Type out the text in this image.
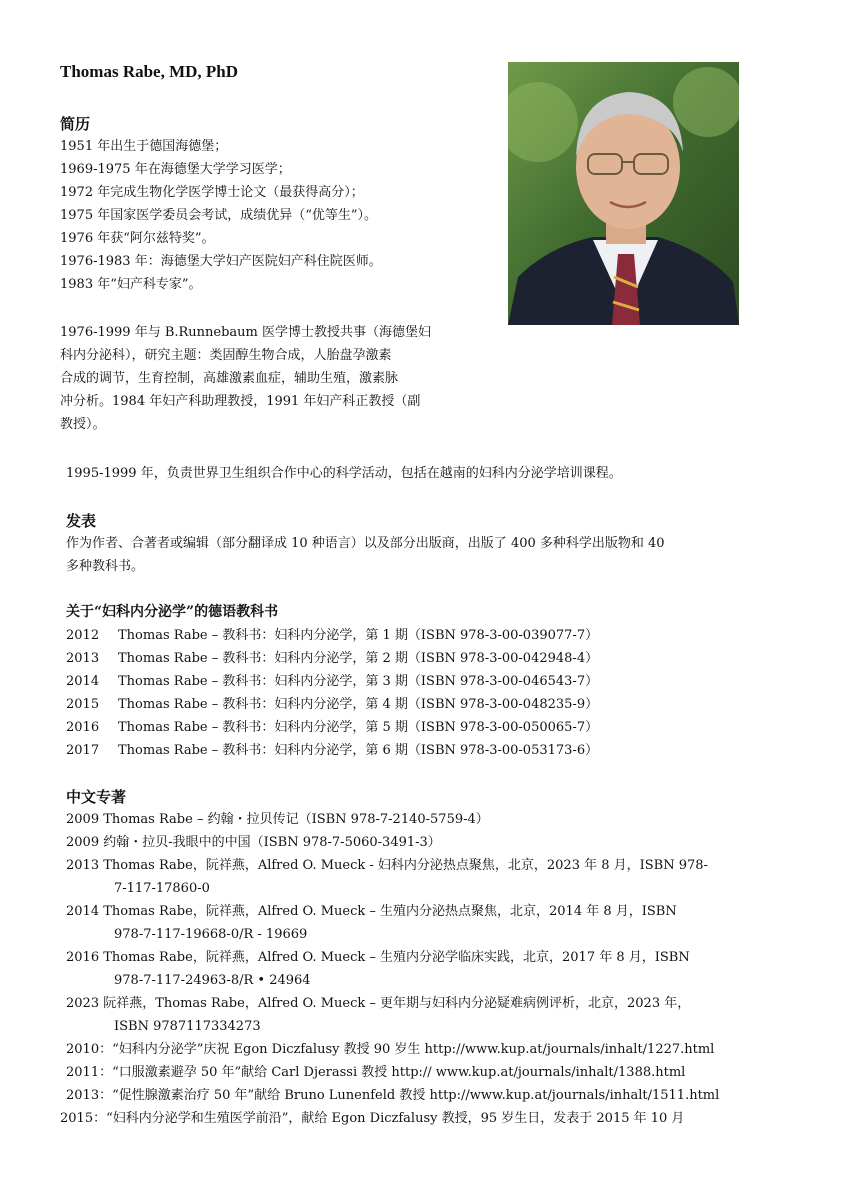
Thomas Rabe, MD, PhD
简历
1951 年出生于德国海德堡；
1969-1975 年在海德堡大学学习医学；
1972 年完成生物化学医学博士论文（最获得高分）；
1975 年国家医学委员会考试，成绩优异（“优等生”）。
1976 年获“阿尔兹特奖”。
1976-1983 年：海德堡大学妇产医院妇产科住院医师。
1983 年“妇产科专家”。
1976-1999 年与 B.Runnebaum 医学博士教授共事（海德堡妇
科内分泌科），研究主题：类固醇生物合成，人胎盘孕激素
合成的调节，生育控制，高雄激素血症，辅助生殖，激素脉
冲分析。1984 年妇产科助理教授，1991 年妇产科正教授（副
教授）。
1995-1999 年，负责世界卫生组织合作中心的科学活动，包括在越南的妇科内分泌学培训课程。
发表
作为作者、合著者或编辑（部分翻译成 10 种语言）以及部分出版商，出版了 400 多种科学出版物和 40
多种教科书。
关于“妇科内分泌学”的德语教科书
2012 Thomas Rabe – 教科书：妇科内分泌学，第 1 期（ISBN 978-3-00-039077-7）
2013 Thomas Rabe – 教科书：妇科内分泌学，第 2 期（ISBN 978-3-00-042948-4）
2014 Thomas Rabe – 教科书：妇科内分泌学，第 3 期（ISBN 978-3-00-046543-7）
2015 Thomas Rabe – 教科书：妇科内分泌学，第 4 期（ISBN 978-3-00-048235-9）
2016 Thomas Rabe – 教科书：妇科内分泌学，第 5 期（ISBN 978-3-00-050065-7）
2017 Thomas Rabe – 教科书：妇科内分泌学，第 6 期（ISBN 978-3-00-053173-6）
中文专著
2009 Thomas Rabe – 约翰・拉贝传记（ISBN 978-7-2140-5759-4）
2009 约翰・拉贝-我眼中的中国（ISBN 978-7-5060-3491-3）
2013 Thomas Rabe，阮祥燕，Alfred O. Mueck - 妇科内分泌热点聚焦，北京，2023 年 8 月，ISBN 978-
7-117-17860-0
2014 Thomas Rabe，阮祥燕，Alfred O. Mueck – 生殖内分泌热点聚焦，北京，2014 年 8 月，ISBN
978-7-117-19668-0/R - 19669
2016 Thomas Rabe，阮祥燕，Alfred O. Mueck – 生殖内分泌学临床实践，北京，2017 年 8 月，ISBN
978-7-117-24963-8/R • 24964
2023 阮祥燕，Thomas Rabe，Alfred O. Mueck – 更年期与妇科内分泌疑难病例评析，北京，2023 年，
ISBN 9787117334273
2010：“妇科内分泌学”庆祝 Egon Diczfalusy 教授 90 岁生 http://www.kup.at/journals/inhalt/1227.html
2011：“口服激素避孕 50 年”献给 Carl Djerassi 教授 http:// www.kup.at/journals/inhalt/1388.html
2013：“促性腺激素治疗 50 年”献给 Bruno Lunenfeld 教授 http://www.kup.at/journals/inhalt/1511.html
2015：“妇科内分泌学和生殖医学前沿”，献给 Egon Diczfalusy 教授，95 岁生日，发表于 2015 年 10 月
